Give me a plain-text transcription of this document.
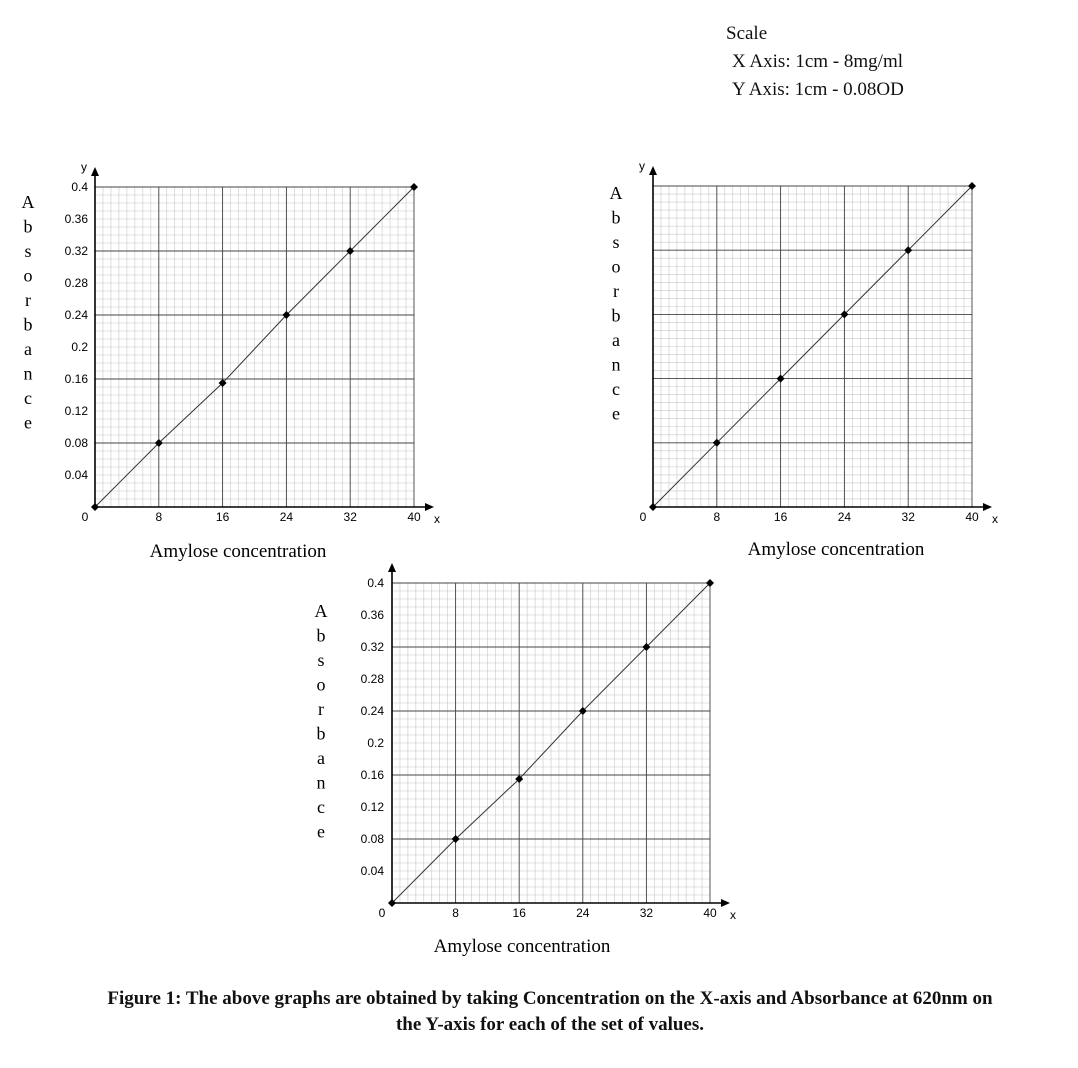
Scale
X Axis: 1cm - 8mg/ml
Y Axis: 1cm - 0.08OD
x
y
0	8	16	24	32	40
0.04
0.08
0.12
0.16
0.2
0.24
0.28
0.32
0.36
0.4
A
b
s
o
r
b
a
n
c
e
Amylose concentration
x
y
0	8	16	24	32	40
A
b
s
o
r
b
a
n
c
e
Amylose concentration
x
0	8	16	24	32	40
0.04
0.08
0.12
0.16
0.2
0.24
0.28
0.32
0.36
0.4
A
b
s
o
r
b
a
n
c
e
Amylose concentration
Figure 1: The above graphs are obtained by taking Concentration on the X-axis and Absorbance at 620nm on
the Y-axis for each of the set of values.
